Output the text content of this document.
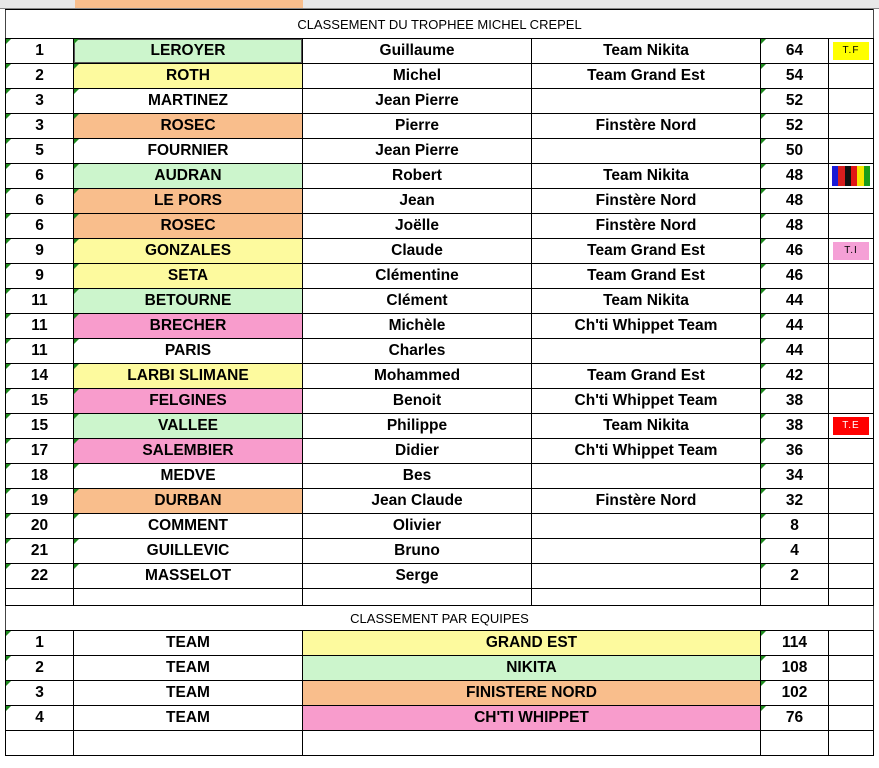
CLASSEMENT DU TROPHEE MICHEL CREPEL					

1	LEROYER	Guillaume	Team Nikita	64	T.F

2	ROTH	Michel	Team Grand Est	54	

3	MARTINEZ	Jean Pierre		52	

3	ROSEC	Pierre	Finstère Nord	52	

5	FOURNIER	Jean Pierre		50	

6	AUDRAN	Robert	Team Nikita	48	

6	LE PORS	Jean	Finstère Nord	48	

6	ROSEC	Joëlle	Finstère Nord	48	

9	GONZALES	Claude	Team Grand Est	46	T.I

9	SETA	Clémentine	Team Grand Est	46	

11	BETOURNE	Clément	Team Nikita	44	

11	BRECHER	Michèle	Ch'ti Whippet Team	44	

11	PARIS	Charles		44	

14	LARBI SLIMANE	Mohammed	Team Grand Est	42	

15	FELGINES	Benoit	Ch'ti Whippet Team	38	

15	VALLEE	Philippe	Team Nikita	38	T.E

17	SALEMBIER	Didier	Ch'ti Whippet Team	36	

18	MEDVE	Bes		34	

19	DURBAN	Jean Claude	Finstère Nord	32	

20	COMMENT	Olivier		8	

21	GUILLEVIC	Bruno		4	

22	MASSELOT	Serge		2	

CLASSEMENT PAR EQUIPES					

1	TEAM	GRAND EST		114	

2	TEAM	NIKITA		108	

3	TEAM	FINISTERE NORD		102	

4	TEAM	CH'TI WHIPPET		76	
